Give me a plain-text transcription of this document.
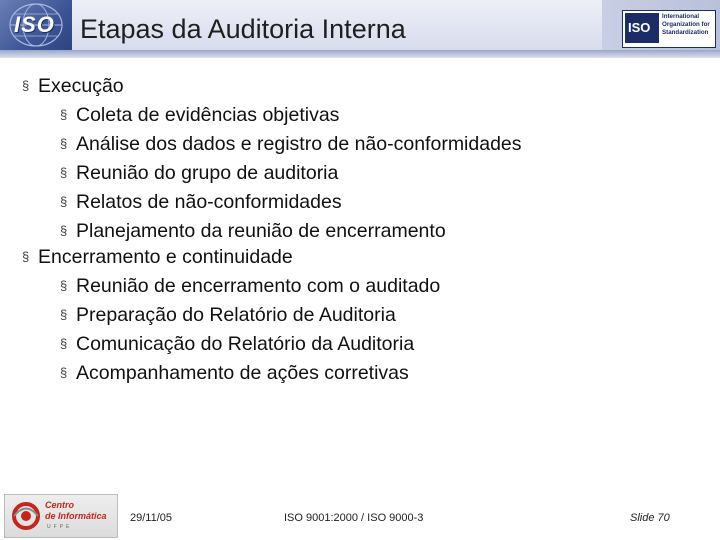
ISO Etapas da Auditoria Interna	ISO
International
Organization for
Standardization
§ Execução
§ Coleta de evidências objetivas
§ Análise dos dados e registro de não-conformidades
§ Reunião do grupo de auditoria
§ Relatos de não-conformidades
§ Planejamento da reunião de encerramento
§ Encerramento e continuidade
§ Reunião de encerramento com o auditado
§ Preparação do Relatório de Auditoria
§ Comunicação do Relatório da Auditoria
§ Acompanhamento de ações corretivas
Centro
de Informática
UFPE
29/11/05	ISO 9001:2000 / ISO 9000-3	Slide 70
